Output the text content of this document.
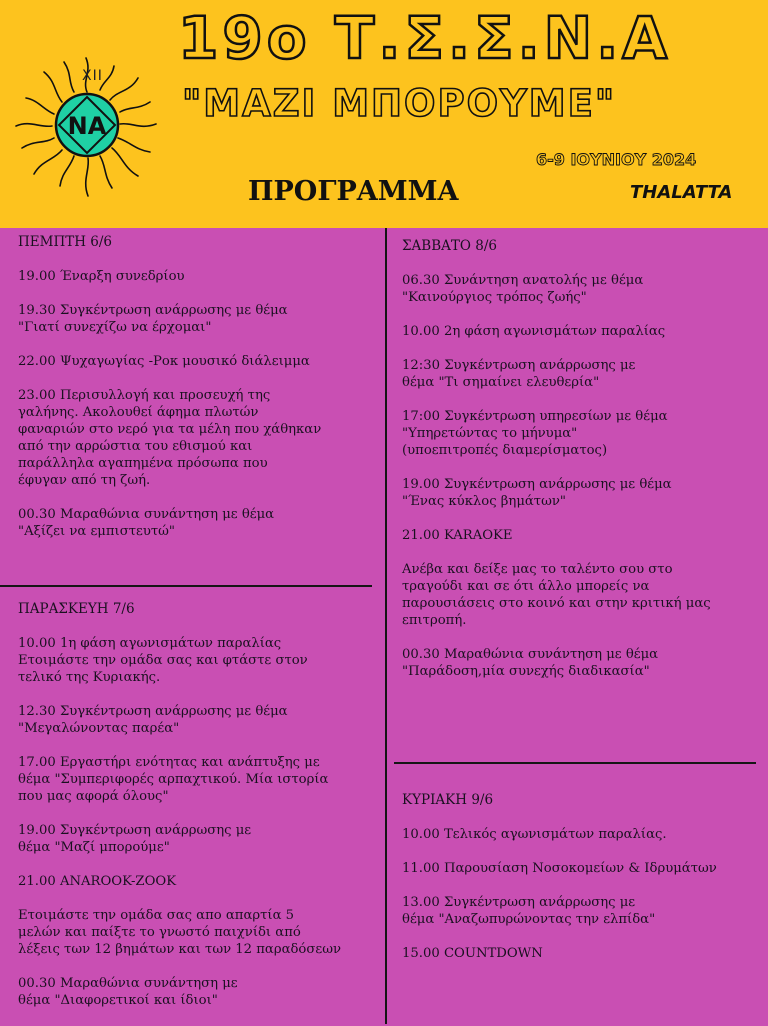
NA
XII
19ο Τ.Σ.Σ.Ν.Α
"ΜΑΖΙ ΜΠΟΡΟΥΜΕ"
6-9 ΙΟΥΝΙΟΥ 2024
ΠΡΟΓΡΑΜΜΑ	THALATTA
ΠΕΜΠΤΗ 6/6
19.00 Έναρξη συνεδρίου
19.30 Συγκέντρωση ανάρρωσης με θέμα
"Γιατί συνεχίζω να έρχομαι"
22.00 Ψυχαγωγίας -Ροκ μουσικό διάλειμμα
23.00 Περισυλλογή και προσευχή της
γαλήνης. Ακολουθεί άφημα πλωτών
φαναριών στο νερό για τα μέλη που χάθηκαν
από την αρρώστια του εθισμού και
παράλληλα αγαπημένα πρόσωπα που
έφυγαν από τη ζωή.
00.30 Μαραθώνια συνάντηση με θέμα
"Αξίζει να εμπιστευτώ"
ΠΑΡΑΣΚΕΥΗ 7/6
10.00 1η φάση αγωνισμάτων παραλίας
Ετοιμάστε την ομάδα σας και φτάστε στον
τελικό της Κυριακής.
12.30 Συγκέντρωση ανάρρωσης με θέμα
"Μεγαλώνοντας παρέα"
17.00 Εργαστήρι ενότητας και ανάπτυξης με
θέμα "Συμπεριφορές αρπαχτικού. Μία ιστορία
που μας αφορά όλους"
19.00 Συγκέντρωση ανάρρωσης με
θέμα "Μαζί μπορούμε"
21.00 ANAROOK-ZOOK
Ετοιμάστε την ομάδα σας απο απαρτία 5
μελών και παίξτε το γνωστό παιχνίδι από
λέξεις των 12 βημάτων και των 12 παραδόσεων
00.30 Μαραθώνια συνάντηση με
θέμα "Διαφορετικοί και ίδιοι"
ΣΑΒΒΑΤΟ 8/6
06.30 Συνάντηση ανατολής με θέμα
"Καινούργιος τρόπος ζωής"
10.00 2η φάση αγωνισμάτων παραλίας
12:30 Συγκέντρωση ανάρρωσης με
θέμα "Τι σημαίνει ελευθερία"
17:00 Συγκέντρωση υπηρεσίων με θέμα
"Υπηρετώντας το μήνυμα"
(υποεπιτροπές διαμερίσματος)
19.00 Συγκέντρωση ανάρρωσης με θέμα
"Ένας κύκλος βημάτων"
21.00 KARAOKE
Ανέβα και δείξε μας το ταλέντο σου στο
τραγούδι και σε ότι άλλο μπορείς να
παρουσιάσεις στο κοινό και στην κριτική μας
επιτροπή.
00.30 Μαραθώνια συνάντηση με θέμα
"Παράδοση,μία συνεχής διαδικασία"
ΚΥΡΙΑΚΗ 9/6
10.00 Τελικός αγωνισμάτων παραλίας.
11.00 Παρουσίαση Νοσοκομείων & Ιδρυμάτων
13.00 Συγκέντρωση ανάρρωσης με
θέμα "Αναζωπυρώνοντας την ελπίδα"
15.00 COUNTDOWN
